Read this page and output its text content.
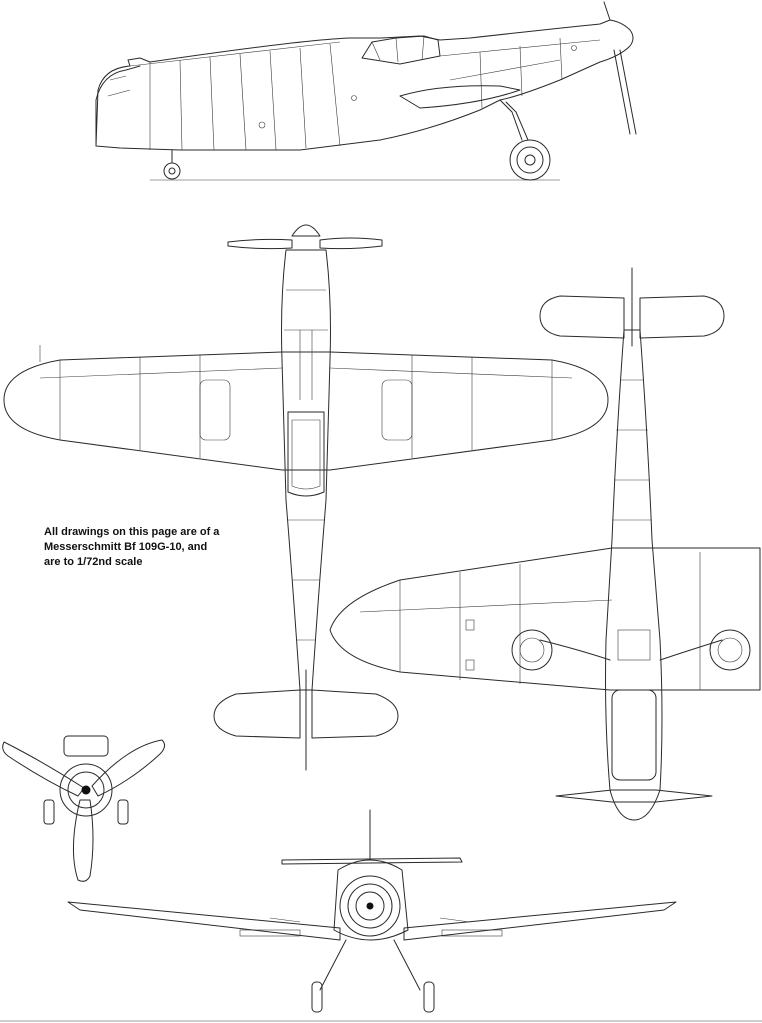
All drawings on this page are of a
Messerschmitt Bf 109G-10, and
are to 1/72nd scale
